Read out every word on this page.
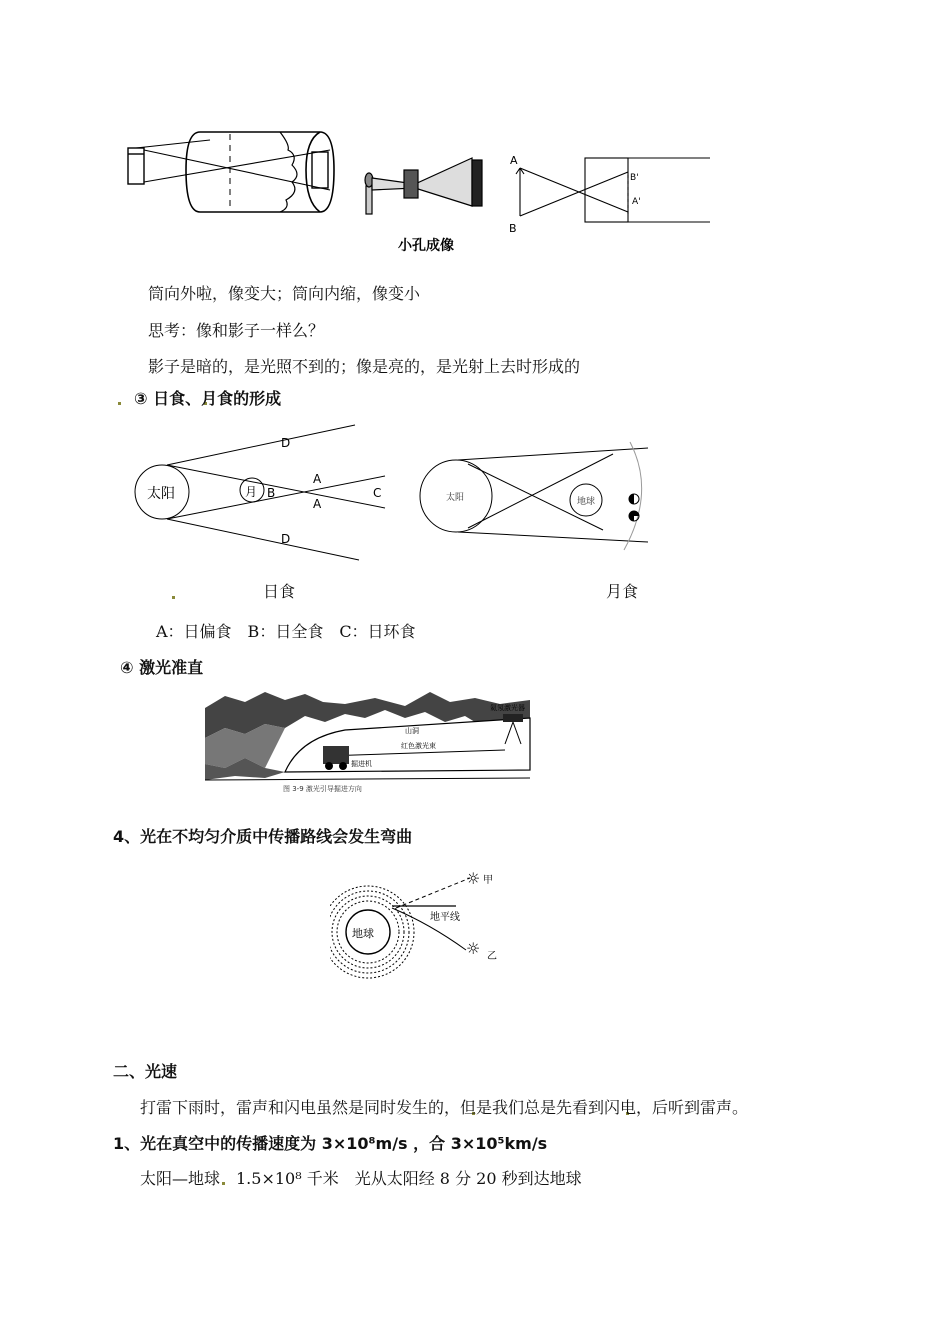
小孔成像
A
B
B'
A'
筒向外啦，像变大；筒向内缩，像变小
思考：像和影子一样么？
影子是暗的，是光照不到的；像是亮的，是光射上去时形成的
③ 日食、月食的形成
太阳	月 B
A
A
C
D
D
太阳	地球
日食	月食
A：日偏食　B：日全食　C：日环食
④ 激光准直
山洞
红色激光束
氦氖激光器
掘进机
图 3-9 激光引导掘进方向
4、光在不均匀介质中传播路线会发生弯曲
☼
☼
地球
地平线
甲
乙
二、光速
打雷下雨时，雷声和闪电虽然是同时发生的，但是我们总是先看到闪电，后听到雷声。
1、光在真空中的传播速度为 3×10⁸m/s ，合 3×10⁵km/s
太阳—地球　1.5×10⁸ 千米　光从太阳经 8 分 20 秒到达地球
